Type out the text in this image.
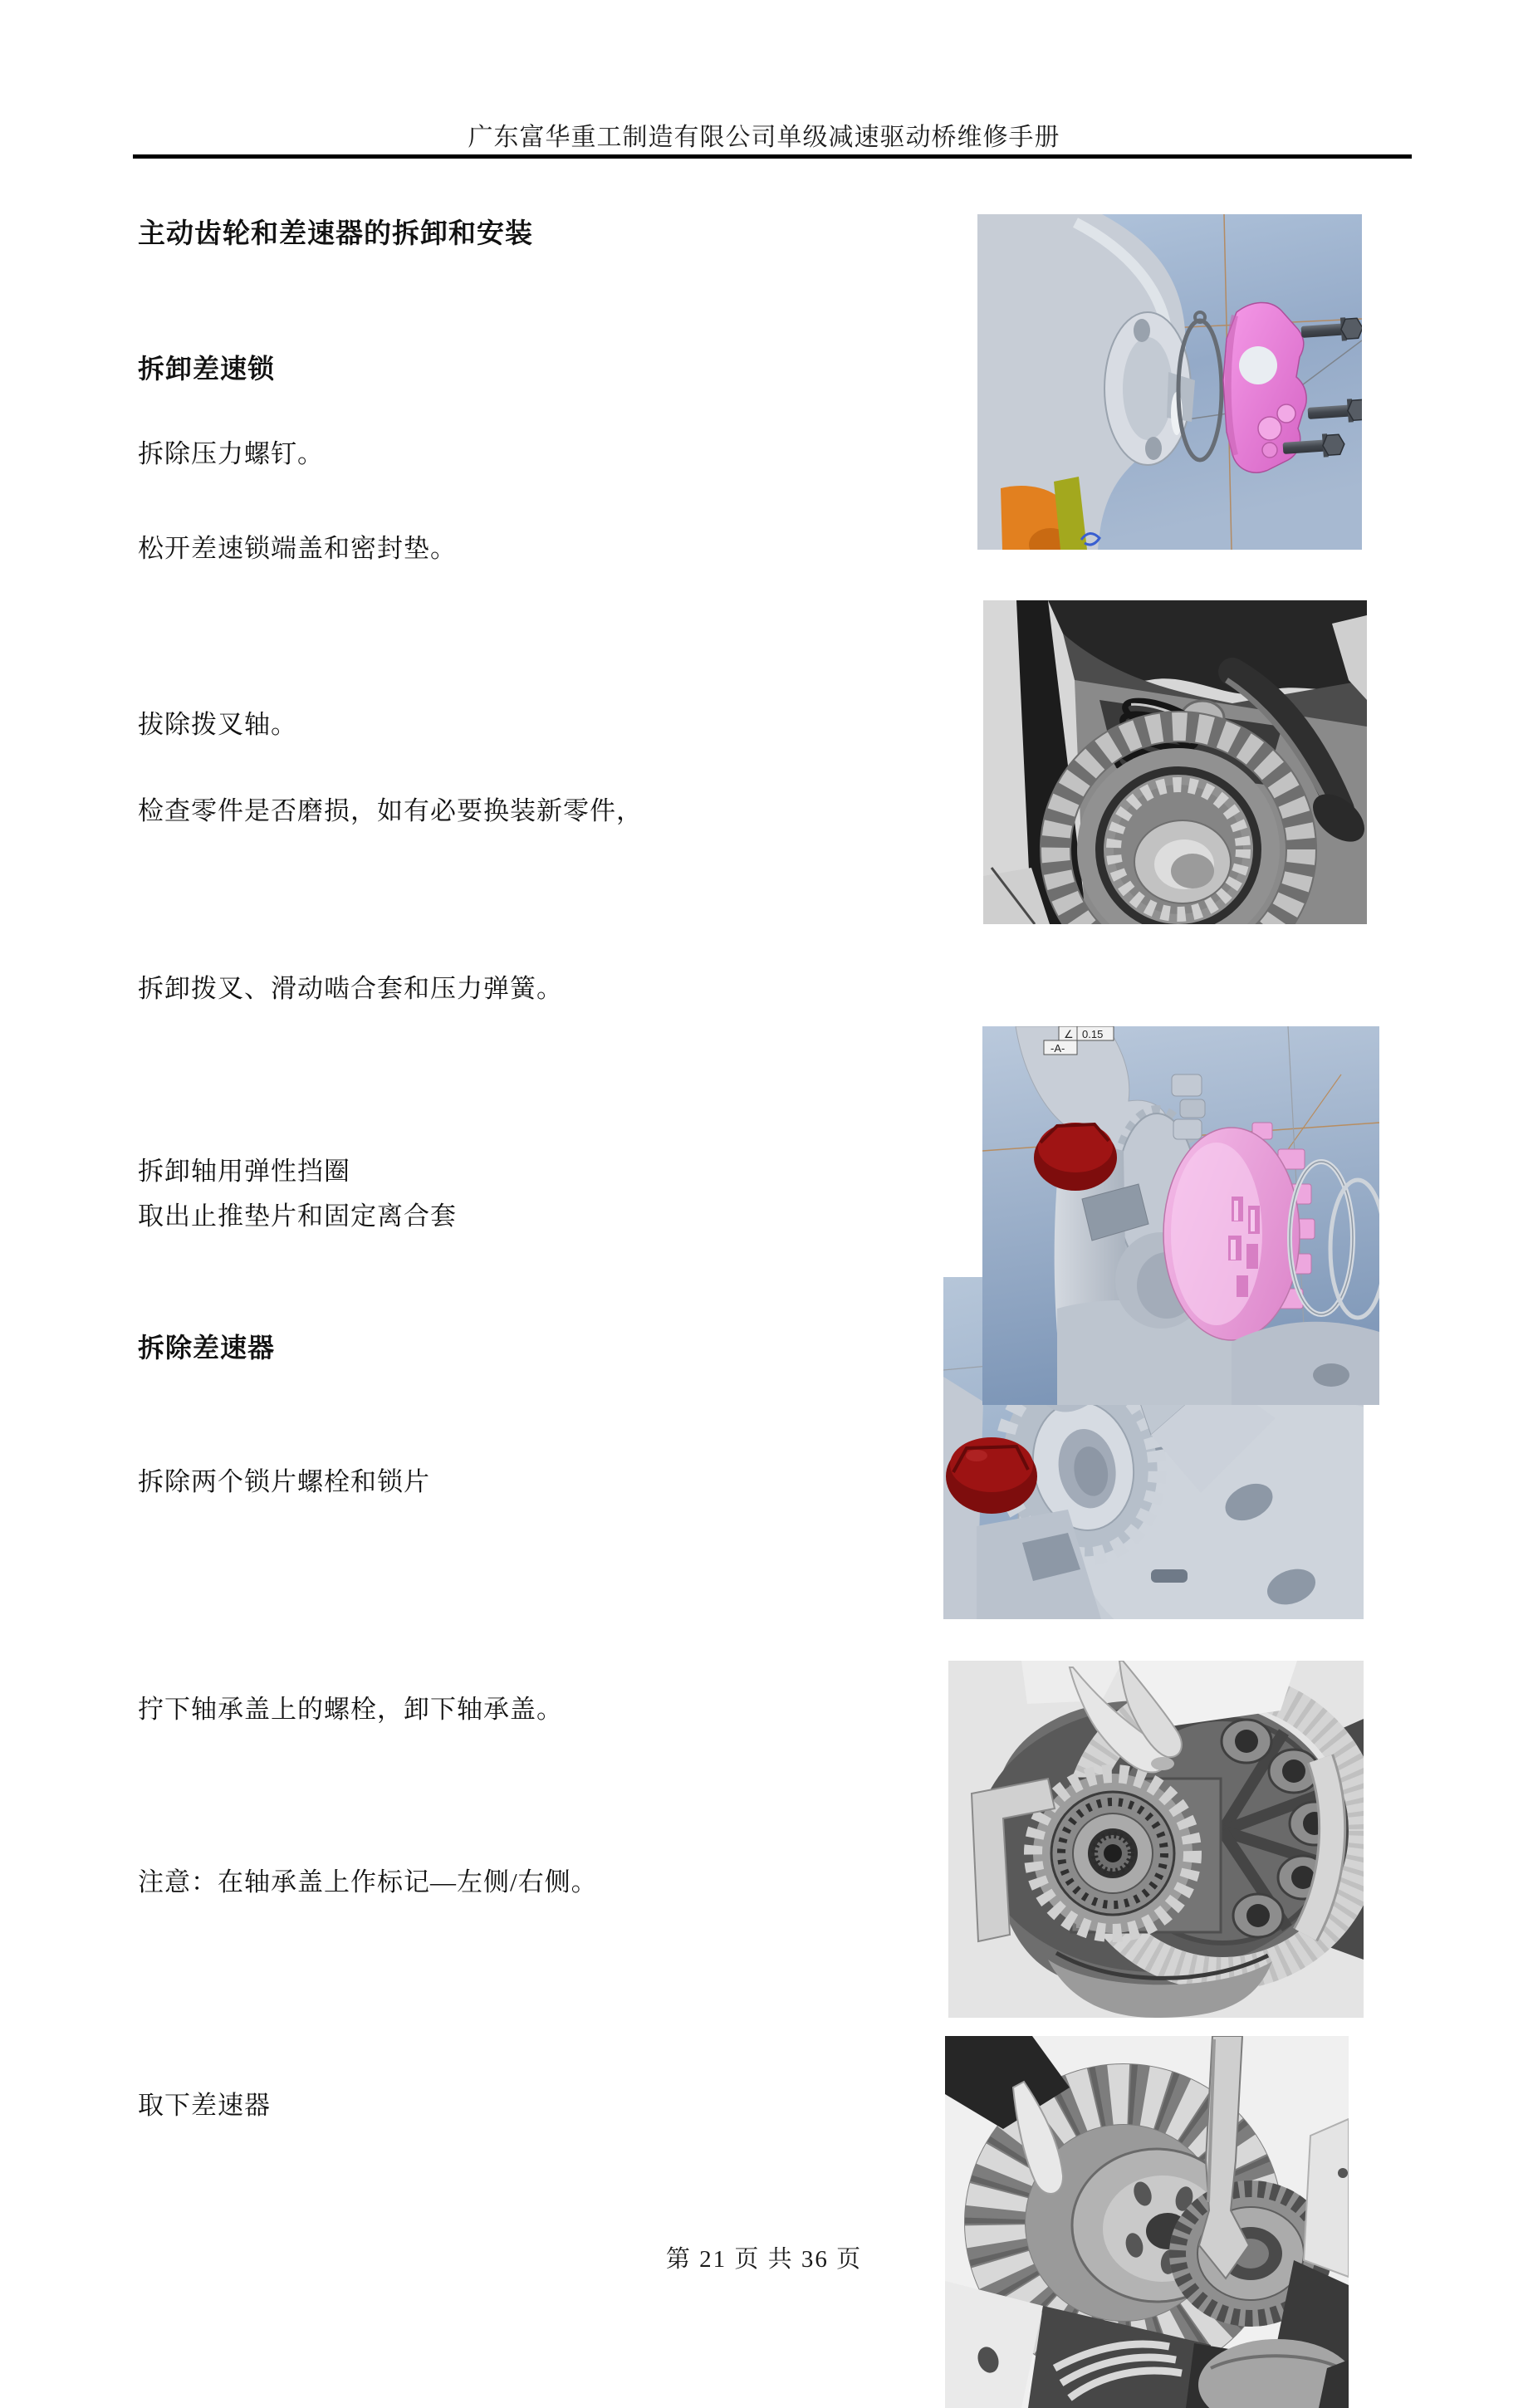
广东富华重工制造有限公司单级减速驱动桥维修手册
主动齿轮和差速器的拆卸和安装
拆卸差速锁
拆除压力螺钉。
松开差速锁端盖和密封垫。
拔除拨叉轴。
检查零件是否磨损，如有必要换装新零件，
拆卸拨叉、滑动啮合套和压力弹簧。
拆卸轴用弹性挡圈
取出止推垫片和固定离合套
拆除差速器
拆除两个锁片螺栓和锁片
拧下轴承盖上的螺栓，卸下轴承盖。
注意：在轴承盖上作标记—左侧/右侧。
取下差速器
第 21 页 共 36 页
∠ 0.15
-A-
